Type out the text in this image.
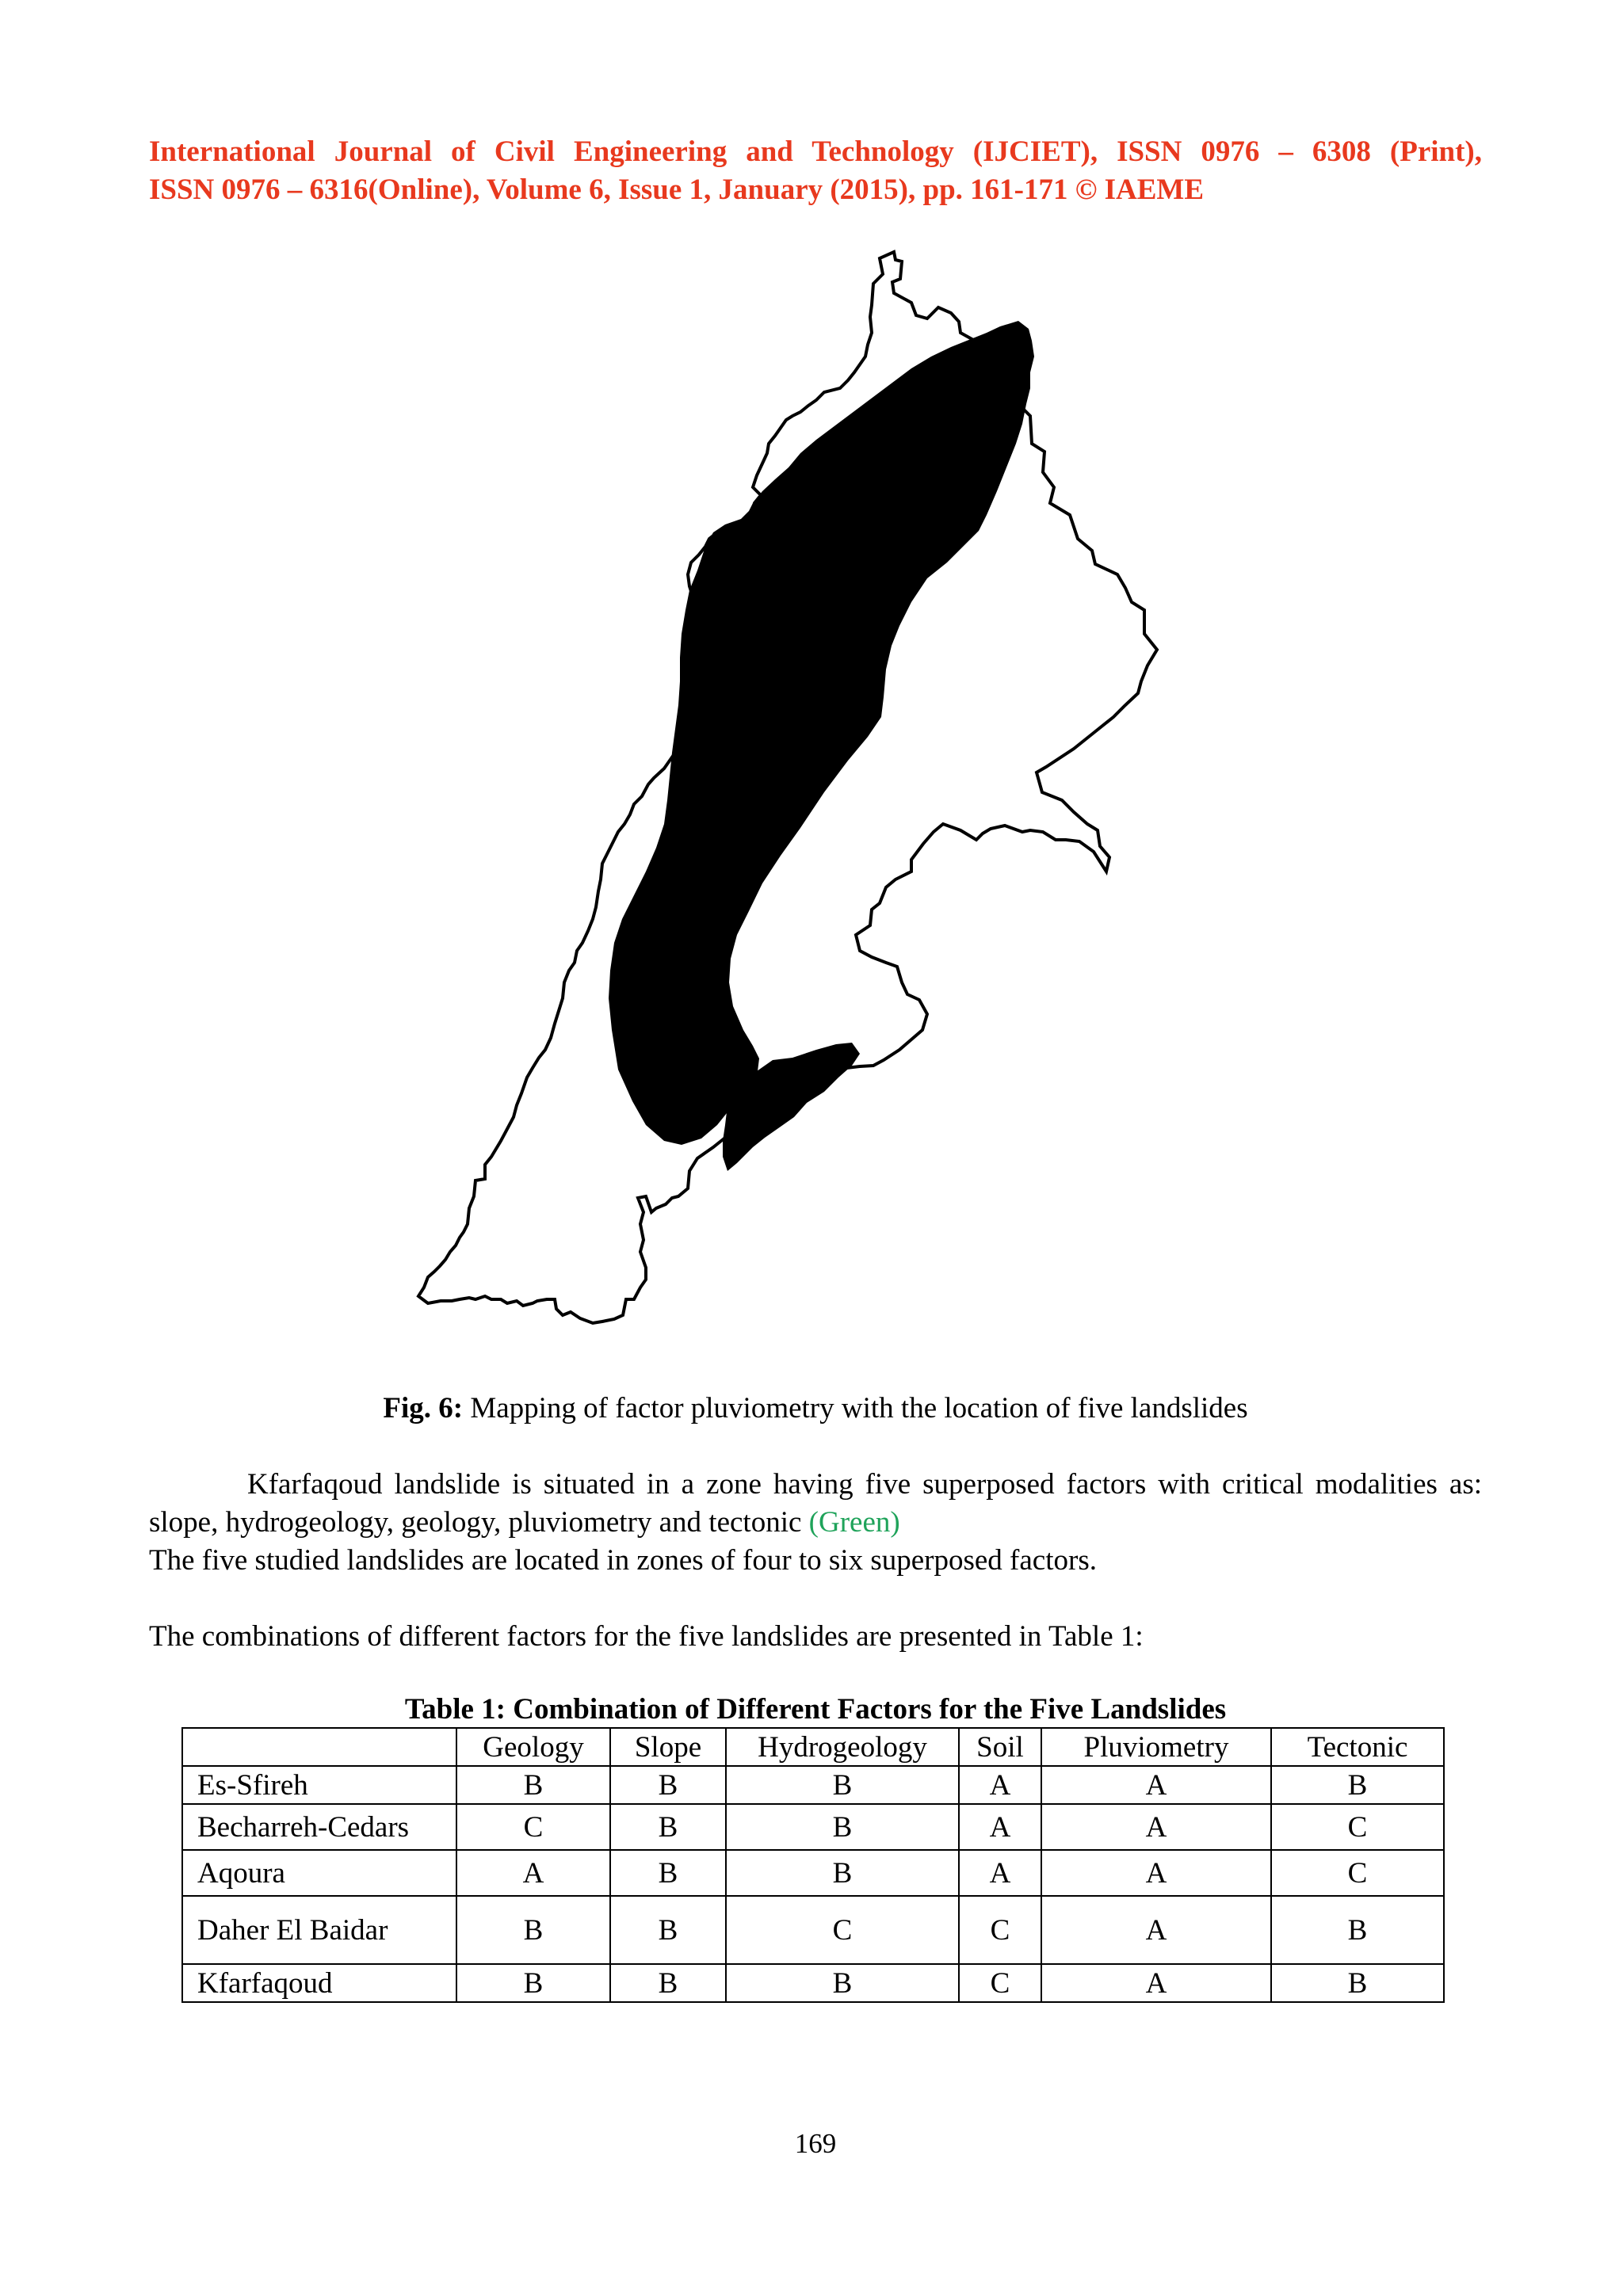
International Journal of Civil Engineering and Technology (IJCIET), ISSN 0976 – 6308 (Print),
ISSN 0976 – 6316(Online), Volume 6, Issue 1, January (2015), pp. 161-171 © IAEME
Fig. 6: Mapping of factor pluviometry with the location of five landslides
Kfarfaqoud landslide is situated in a zone having five superposed factors with critical modalities as: slope, hydrogeology, geology, pluviometry and tectonic (Green)
The five studied landslides are located in zones of four to six superposed factors.
The combinations of different factors for the five landslides are presented in Table 1:
Table 1: Combination of Different Factors for the Five Landslides
	Geology	Slope	Hydrogeology	Soil	Pluviometry	Tectonic
Es-Sfireh	B	B	B	A	A	B
Becharreh-Cedars	C	B	B	A	A	C
Aqoura	A	B	B	A	A	C
Daher El Baidar	B	B	C	C	A	B
Kfarfaqoud	B	B	B	C	A	B
169
